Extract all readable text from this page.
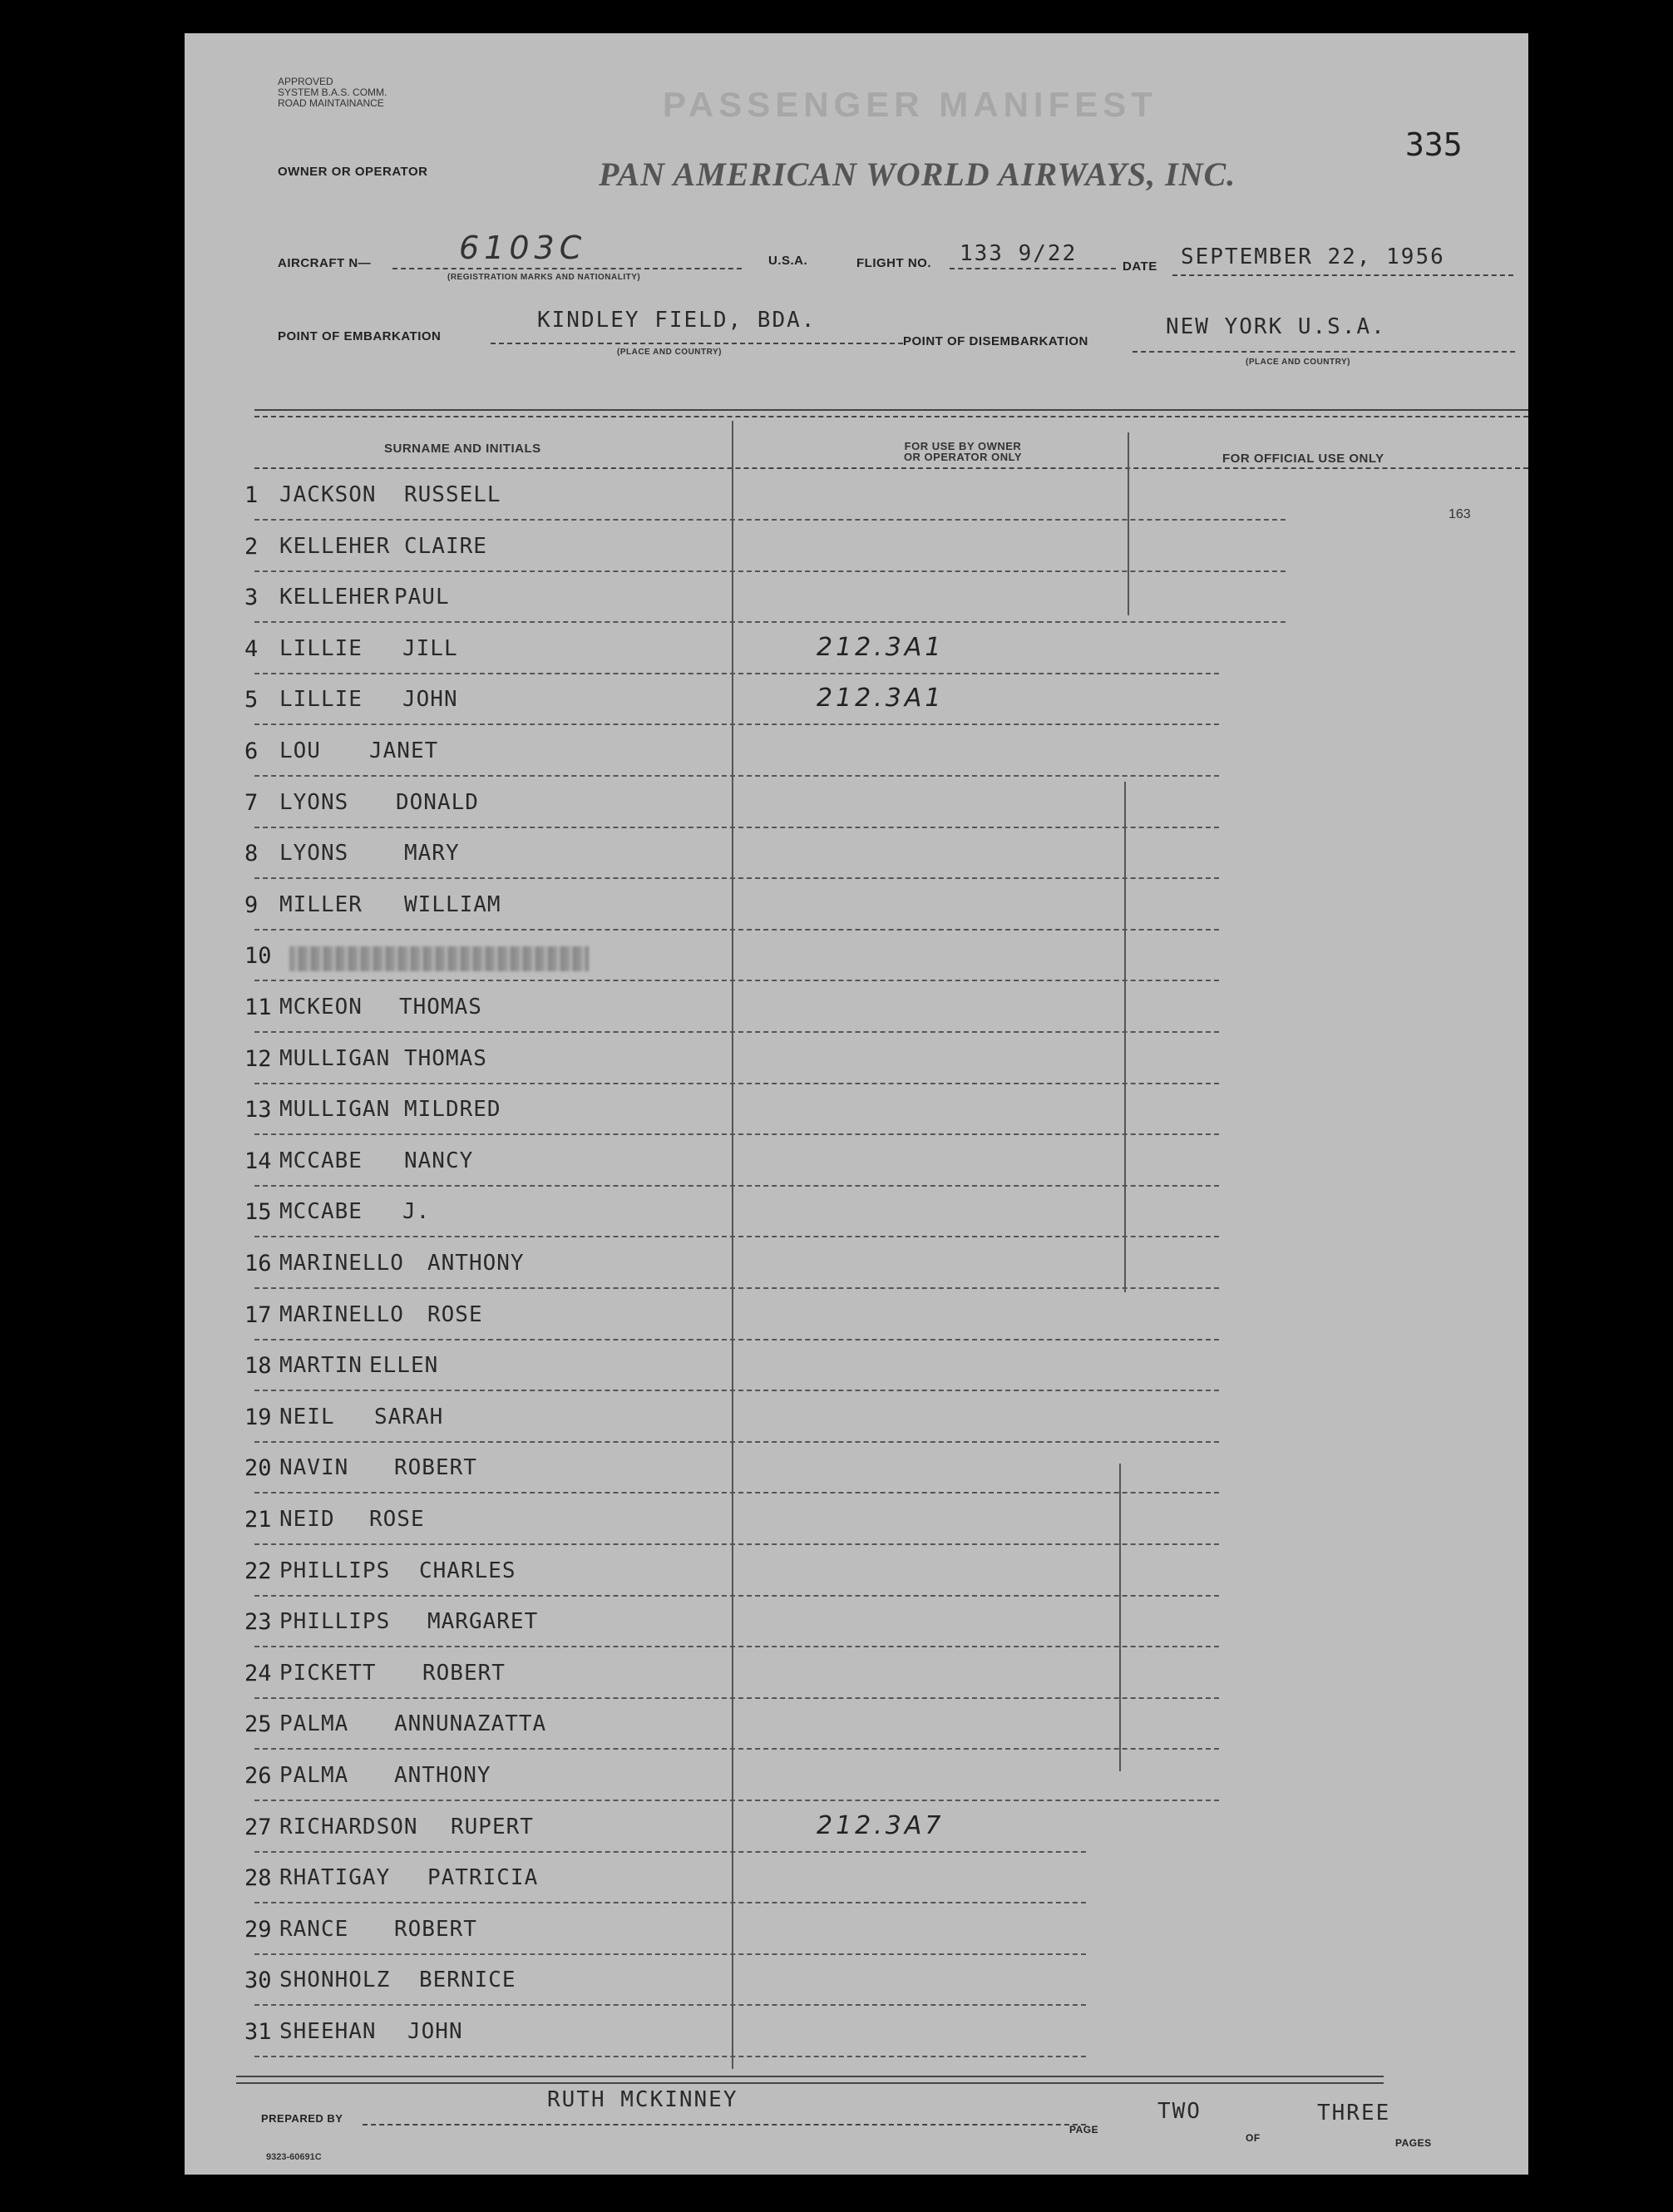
APPROVED
SYSTEM B.A.S. COMM.
ROAD MAINTAINANCE	PASSENGER MANIFEST
335
OWNER OR OPERATOR	PAN AMERICAN WORLD AIRWAYS, INC.
AIRCRAFT N—	6103C
(REGISTRATION MARKS AND NATIONALITY)
U.S.A.	FLIGHT NO. 133 9/22
DATE SEPTEMBER 22, 1956
POINT OF EMBARKATION
KINDLEY FIELD, BDA.
(PLACE AND COUNTRY)
POINT OF DISEMBARKATION
NEW YORK U.S.A.
(PLACE AND COUNTRY)
SURNAME AND INITIALS	FOR USE BY OWNER
OR OPERATOR ONLY	FOR OFFICIAL USE ONLY
163
1 JACKSON RUSSELL
2 KELLEHER CLAIRE
3 KELLEHER PAUL
4 LILLIE JILL	212.3A1
5 LILLIE JOHN	212.3A1
6 LOU JANET
7 LYONS DONALD
8 LYONS	MARY
9 MILLER WILLIAM
10
11 MCKEON THOMAS
12 MULLIGAN THOMAS
13 MULLIGAN MILDRED
14 MCCABE NANCY
15 MCCABE J.
16 MARINELLO ANTHONY
17 MARINELLO ROSE
18 MARTIN ELLEN
19 NEIL SARAH
20 NAVIN ROBERT
21 NEID ROSE
22 PHILLIPS CHARLES
23 PHILLIPS MARGARET
24 PICKETT ROBERT
25 PALMA ANNUNAZATTA
26 PALMA ANTHONY
27 RICHARDSON RUPERT	212.3A7
28 RHATIGAY PATRICIA
29 RANCE ROBERT
30 SHONHOLZ BERNICE
31 SHEEHAN JOHN
PREPARED BY
RUTH MCKINNEY
PAGE
TWO
OF
THREE
PAGES
9323-60691C
